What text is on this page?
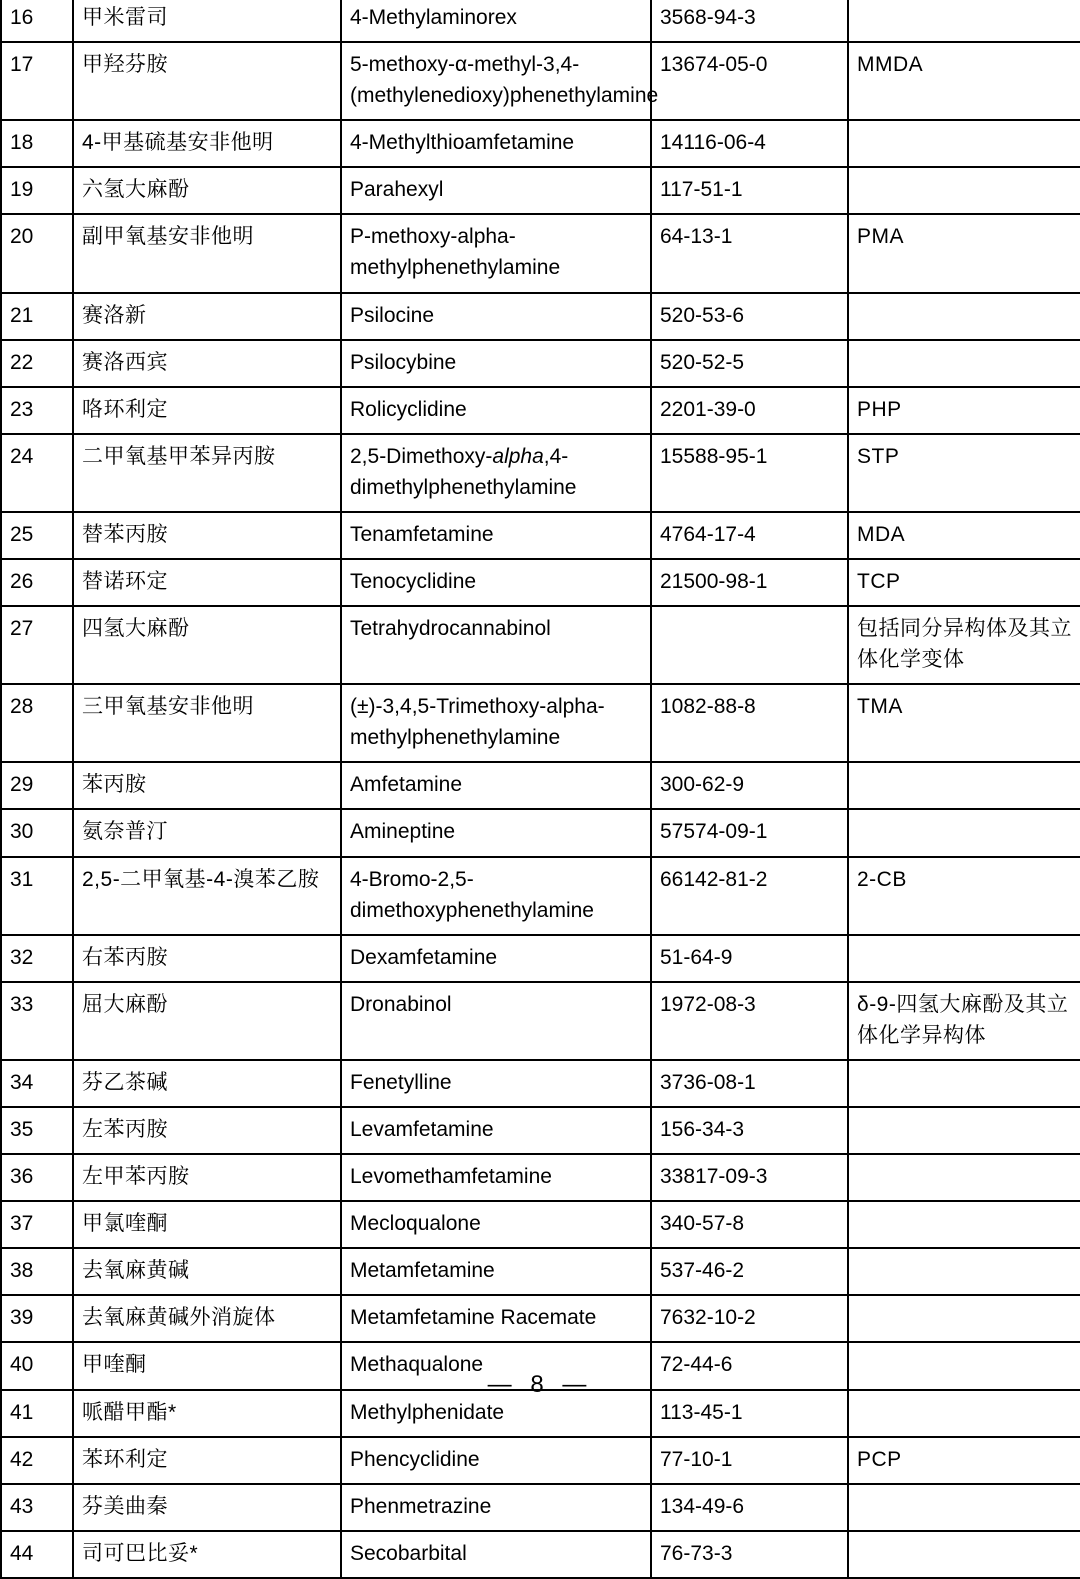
16	甲米雷司	4-Methylaminorex	3568-94-3	
17	甲羟芬胺	5-methoxy-α-methyl-3,4-(methylenedioxy)phenethylamine	13674-05-0	MMDA
18	4-甲基硫基安非他明	4-Methylthioamfetamine	14116-06-4	
19	六氢大麻酚	Parahexyl	117-51-1	
20	副甲氧基安非他明	P-methoxy-alpha-methylphenethylamine	64-13-1	PMA
21	赛洛新	Psilocine	520-53-6	
22	赛洛西宾	Psilocybine	520-52-5	
23	咯环利定	Rolicyclidine	2201-39-0	PHP
24	二甲氧基甲苯异丙胺	2,5-Dimethoxy-alpha,4-dimethylphenethylamine	15588-95-1	STP
25	替苯丙胺	Tenamfetamine	4764-17-4	MDA
26	替诺环定	Tenocyclidine	21500-98-1	TCP
27	四氢大麻酚	Tetrahydrocannabinol		包括同分异构体及其立体化学变体
28	三甲氧基安非他明	(±)-3,4,5-Trimethoxy-alpha-methylphenethylamine	1082-88-8	TMA
29	苯丙胺	Amfetamine	300-62-9	
30	氨奈普汀	Amineptine	57574-09-1	
31	2,5-二甲氧基-4-溴苯乙胺	4-Bromo-2,5-dimethoxyphenethylamine	66142-81-2	2-CB
32	右苯丙胺	Dexamfetamine	51-64-9	
33	屈大麻酚	Dronabinol	1972-08-3	δ-9-四氢大麻酚及其立体化学异构体
34	芬乙茶碱	Fenetylline	3736-08-1	
35	左苯丙胺	Levamfetamine	156-34-3	
36	左甲苯丙胺	Levomethamfetamine	33817-09-3	
37	甲氯喹酮	Mecloqualone	340-57-8	
38	去氧麻黄碱	Metamfetamine	537-46-2	
39	去氧麻黄碱外消旋体	Metamfetamine Racemate	7632-10-2	
40	甲喹酮	Methaqualone	72-44-6	
41	哌醋甲酯*	Methylphenidate	113-45-1	
42	苯环利定	Phencyclidine	77-10-1	PCP
43	芬美曲秦	Phenmetrazine	134-49-6	
44	司可巴比妥*	Secobarbital	76-73-3	
— 8 —
